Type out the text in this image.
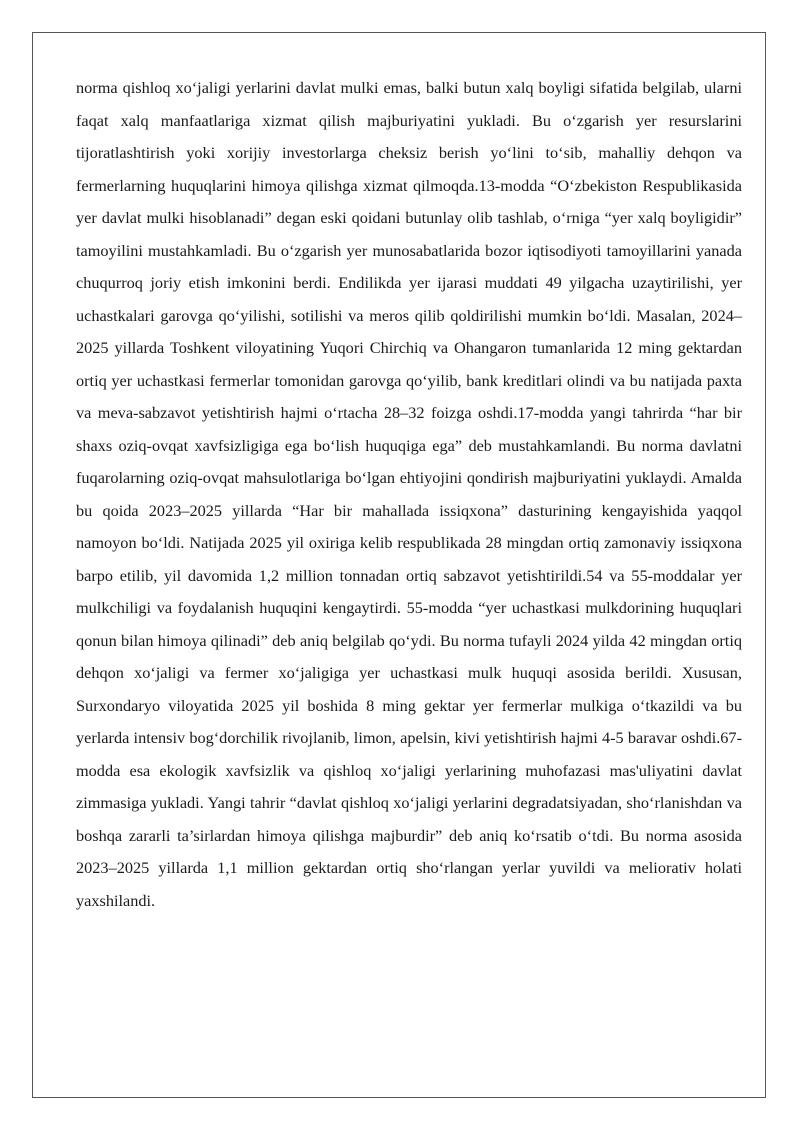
norma qishloq xo‘jaligi yerlarini davlat mulki emas, balki butun xalq boyligi sifatida belgilab, ularni faqat xalq manfaatlariga xizmat qilish majburiyatini yukladi. Bu o‘zgarish yer resurslarini tijoratlashtirish yoki xorijiy investorlarga cheksiz berish yo‘lini to‘sib, mahalliy dehqon va fermerlarning huquqlarini himoya qilishga xizmat qilmoqda.13-modda “O‘zbekiston Respublikasida yer davlat mulki hisoblanadi” degan eski qoidani butunlay olib tashlab, o‘rniga “yer xalq boyligidir” tamoyilini mustahkamladi. Bu o‘zgarish yer munosabatlarida bozor iqtisodiyoti tamoyillarini yanada chuqurroq joriy etish imkonini berdi. Endilikda yer ijarasi muddati 49 yilgacha uzaytirilishi, yer uchastkalari garovga qo‘yilishi, sotilishi va meros qilib qoldirilishi mumkin bo‘ldi. Masalan, 2024–2025 yillarda Toshkent viloyatining Yuqori Chirchiq va Ohangaron tumanlarida 12 ming gektardan ortiq yer uchastkasi fermerlar tomonidan garovga qo‘yilib, bank kreditlari olindi va bu natijada paxta va meva-sabzavot yetishtirish hajmi o‘rtacha 28–32 foizga oshdi.17-modda yangi tahrirda “har bir shaxs oziq-ovqat xavfsizligiga ega bo‘lish huquqiga ega” deb mustahkamlandi. Bu norma davlatni fuqarolarning oziq-ovqat mahsulotlariga bo‘lgan ehtiyojini qondirish majburiyatini yuklaydi. Amalda bu qoida 2023–2025 yillarda “Har bir mahallada issiqxona” dasturining kengayishida yaqqol namoyon bo‘ldi. Natijada 2025 yil oxiriga kelib respublikada 28 mingdan ortiq zamonaviy issiqxona barpo etilib, yil davomida 1,2 million tonnadan ortiq sabzavot yetishtirildi.54 va 55-moddalar yer mulkchiligi va foydalanish huquqini kengaytirdi. 55-modda “yer uchastkasi mulkdorining huquqlari qonun bilan himoya qilinadi” deb aniq belgilab qo‘ydi. Bu norma tufayli 2024 yilda 42 mingdan ortiq dehqon xo‘jaligi va fermer xo‘jaligiga yer uchastkasi mulk huquqi asosida berildi. Xususan, Surxondaryo viloyatida 2025 yil boshida 8 ming gektar yer fermerlar mulkiga o‘tkazildi va bu yerlarda intensiv bog‘dorchilik rivojlanib, limon, apelsin, kivi yetishtirish hajmi 4-5 baravar oshdi.67-modda esa ekologik xavfsizlik va qishloq xo‘jaligi yerlarining muhofazasi mas'uliyatini davlat zimmasiga yukladi. Yangi tahrir “davlat qishloq xo‘jaligi yerlarini degradatsiyadan, sho‘rlanishdan va boshqa zararli ta’sirlardan himoya qilishga majburdir” deb aniq ko‘rsatib o‘tdi. Bu norma asosida 2023–2025 yillarda 1,1 million gektardan ortiq sho‘rlangan yerlar yuvildi va meliorativ holati yaxshilandi.
